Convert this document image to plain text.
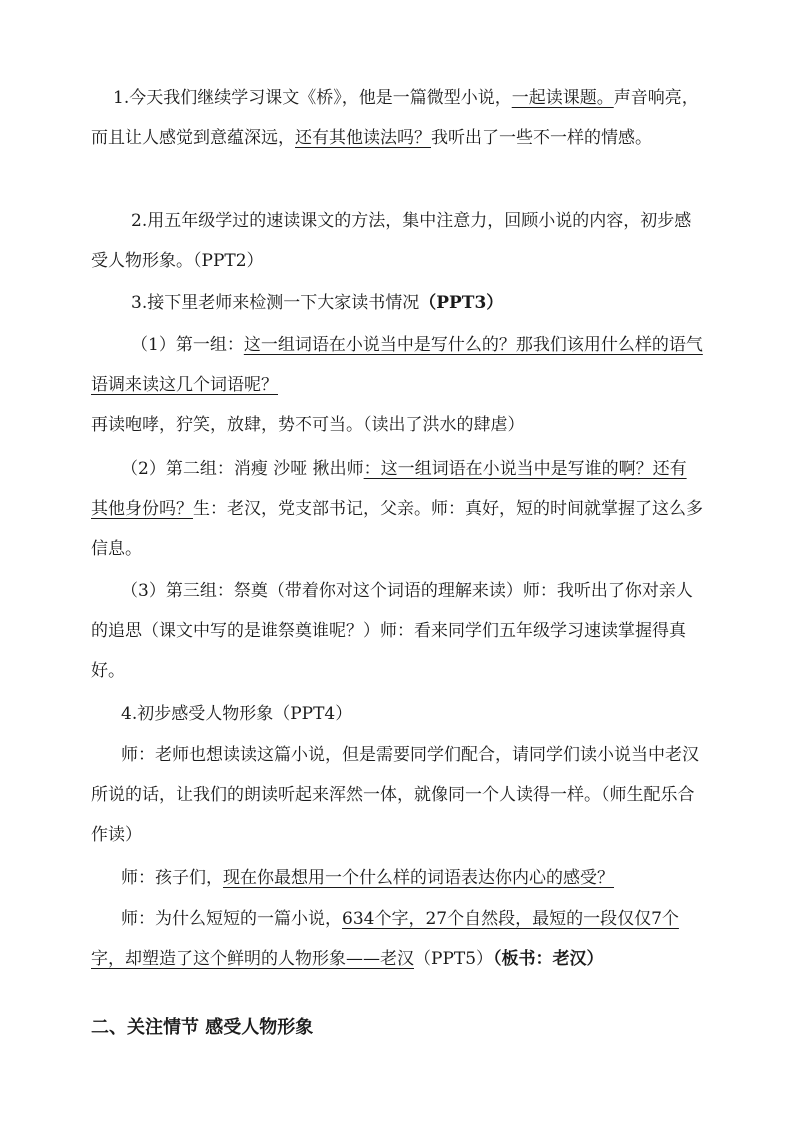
1.今天我们继续学习课文《桥》，他是一篇微型小说，一起读课题。声音响亮，而且让人感觉到意蕴深远，还有其他读法吗？我听出了一些不一样的情感。

2.用五年级学过的速读课文的方法，集中注意力，回顾小说的内容，初步感受人物形象。（PPT2）

3.接下里老师来检测一下大家读书情况（PPT3）

（1）第一组：这一组词语在小说当中是写什么的？那我们该用什么样的语气语调来读这几个词语呢？再读咆哮，狞笑，放肆，势不可当。（读出了洪水的肆虐）

（2）第二组：消瘦 沙哑 揪出师：这一组词语在小说当中是写谁的啊？还有其他身份吗？生：老汉，党支部书记，父亲。师：真好，短的时间就掌握了这么多信息。

（3）第三组：祭奠（带着你对这个词语的理解来读）师：我听出了你对亲人的追思（课文中写的是谁祭奠谁呢？）师：看来同学们五年级学习速读掌握得真好。

4.初步感受人物形象（PPT4）

师：老师也想读读这篇小说，但是需要同学们配合，请同学们读小说当中老汉所说的话，让我们的朗读听起来浑然一体，就像同一个人读得一样。（师生配乐合作读）

师：孩子们，现在你最想用一个什么样的词语表达你内心的感受？

师：为什么短短的一篇小说，634个字，27个自然段，最短的一段仅仅7个字，却塑造了这个鲜明的人物形象——老汉（PPT5）（板书：老汉）

二、关注情节 感受人物形象
